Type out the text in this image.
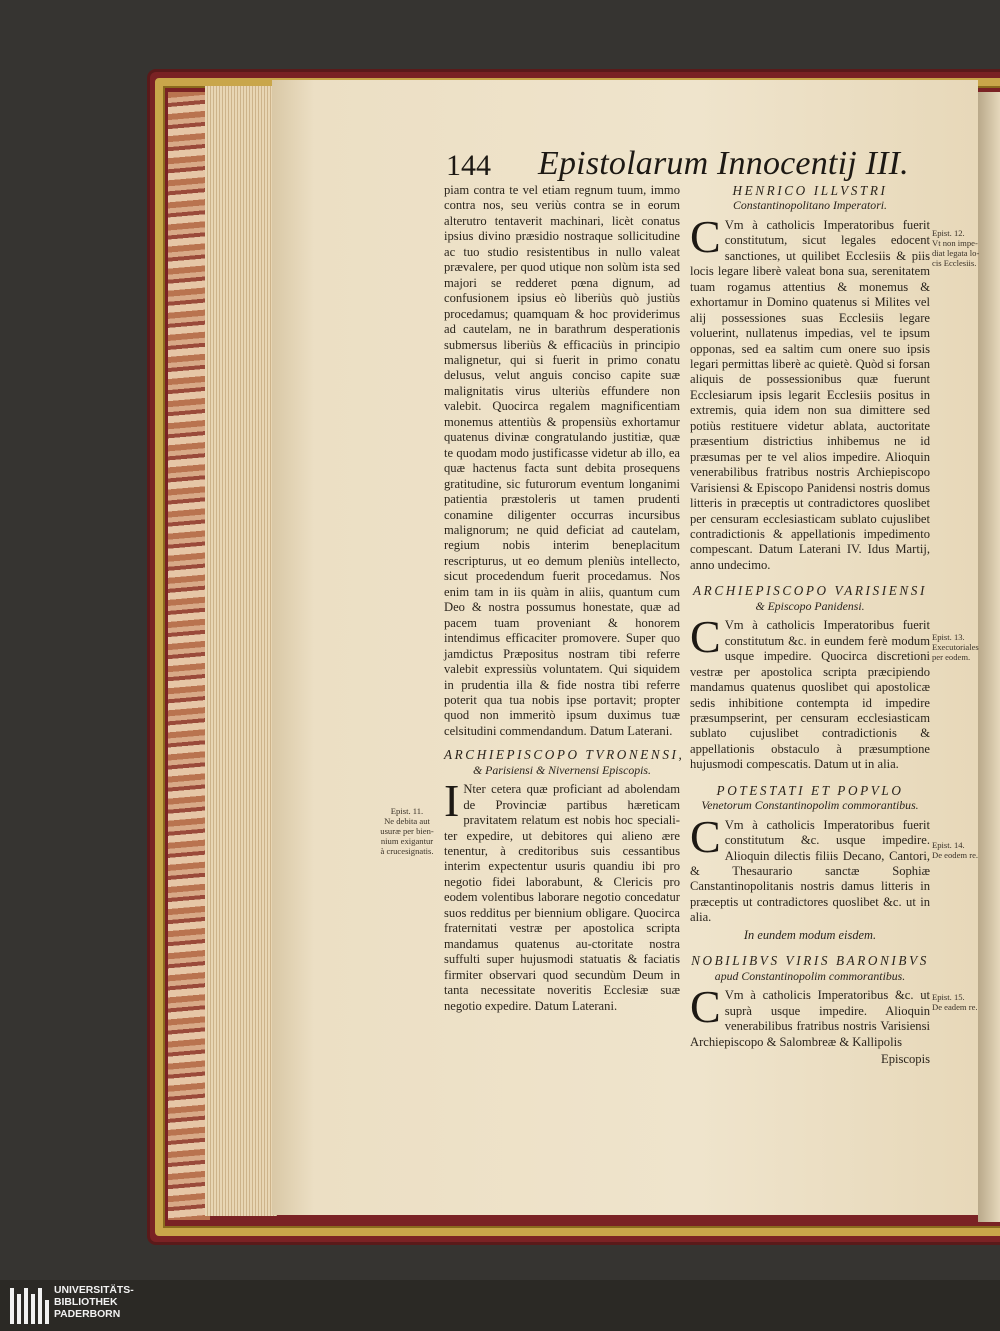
144 Epistolarum Innocentij III.

piam contra te vel etiam regnum tuum, immo contra nos, seu veriùs contra se in eorum alterutro tentaverit machinari, licèt conatus ipsius divino præsidio nostraque sollicitudine ac tuo studio resistentibus in nullo valeat prævalere, per quod utique non solùm ista sed majori se redderet pœna dignum, ad confusionem ipsius eò liberiùs quò justiùs procedamus; quamquam & hoc providerimus ad cautelam, ne in barathrum desperationis submersus liberiùs & efficaciùs in principio malignetur, qui si fuerit in primo conatu delusus, velut anguis conciso capite suæ malignitatis virus ulteriùs effundere non valebit. Quocirca regalem magnificentiam monemus attentiùs & propensiùs exhortamur quatenus divinæ congratulando justitiæ, quæ te quodam modo justificasse videtur ab illo, ea quæ hactenus facta sunt debita prosequens gratitudine, sic futurorum eventum longanimi patientia præstoleris ut tamen prudenti conamine diligenter occurras incursibus malignorum; ne quid deficiat ad cautelam, regium nobis interim beneplacitum rescripturus, ut eo demum pleniùs intellecto, sicut procedendum fuerit procedamus. Nos enim tam in iis quàm in aliis, quantum cum Deo & nostra possumus honestate, quæ ad pacem tuam proveniant & honorem intendimus efficaciter promovere. Super quo jamdictus Præpositus nostram tibi referre valebit expressiùs voluntatem. Qui siquidem in prudentia illa & fide nostra tibi referre poterit qua tua nobis ipse portavit; propter quod non immeritò ipsum duximus tuæ celsitudini commendandum. Datum Laterani.

ARCHIEPISCOPO TVRONENSI,
& Parisiensi & Nivernensi Episcopis.
I Nter cetera quæ proficiant ad abolendam de Provinciæ partibus hæreticam pravitatem relatum est nobis hoc speciali-ter expedire, ut debitores qui alieno ære tenentur, à creditoribus suis cessantibus interim expectentur usuris quandiu ibi pro negotio fidei laborabunt, & Clericis pro eodem volentibus laborare negotio concedatur suos redditus per biennium obligare. Quocirca fraternitati vestræ per apostolica scripta mandamus quatenus au-ctoritate nostra suffulti super hujusmodi statuatis & faciatis firmiter observari quod secundùm Deum in tanta necessitate noveritis Ecclesiæ suæ negotio expedire. Datum Laterani.

Epist. 11.
Ne debita aut
usuræ per bien-
nium exigantur
à crucesignatis.
HENRICO ILLVSTRI
Constantinopolitano Imperatori.
C Vm à catholicis Imperatoribus fuerit constitutum, sicut legales edocent sanctiones, ut quilibet Ecclesiis & piis locis legare liberè valeat bona sua, serenitatem tuam rogamus attentius & monemus & exhortamur in Domino quatenus si Milites vel alij possessiones suas Ecclesiis legare voluerint, nullatenus impedias, vel te ipsum opponas, sed ea saltim cum onere suo ipsis legari permittas liberè ac quietè. Quòd si forsan aliquis de possessionibus quæ fuerunt Ecclesiarum ipsis legarit Ecclesiis positus in extremis, quia idem non sua dimittere sed potiùs restituere videtur ablata, auctoritate præsentium districtius inhibemus ne id præsumas per te vel alios impedire. Alioquin venerabilibus fratribus nostris Archiepiscopo Varisiensi & Episcopo Panidensi nostris domus litteris in præceptis ut contradictores quoslibet per censuram ecclesiasticam sublato cujuslibet contradictionis & appellationis impedimento compescant. Datum Laterani IV. Idus Martij, anno undecimo.

ARCHIEPISCOPO VARISIENSI
& Episcopo Panidensi.
C Vm à catholicis Imperatoribus fuerit constitutum &c. in eundem ferè modum usque impedire. Quocirca discretioni vestræ per apostolica scripta præcipiendo mandamus quatenus quoslibet qui apostolicæ sedis inhibitione contempta id impedire præsumpserint, per censuram ecclesiasticam sublato cujuslibet contradictionis & appellationis obstaculo à præsumptione hujusmodi compescatis. Datum ut in alia.

POTESTATI ET POPVLO
Venetorum Constantinopolim commorantibus.
C Vm à catholicis Imperatoribus fuerit constitutum &c. usque impedire. Alioquin dilectis filiis Decano, Cantori, & Thesaurario sanctæ Sophiæ Canstantinopolitanis nostris damus litteris in præceptis ut contradictores quoslibet &c. ut in alia.

In eundem modum eisdem.
NOBILIBVS VIRIS BARONIBVS
apud Constantinopolim commorantibus.
C Vm à catholicis Imperatoribus &c. ut suprà usque impedire. Alioquin venerabilibus fratribus nostris Varisiensi Archiepiscopo & Salombreæ & Kallipolis

Episcopis
Epist. 12.
Vt non impe-
diat legata lo-
cis Ecclesiis.
Epist. 13.
Executoriales
per eodem.
Epist. 14.
De eodem re.
Epist. 15.
De eadem re.
UNIVERSITÄTS-
BIBLIOTHEK
PADERBORN
